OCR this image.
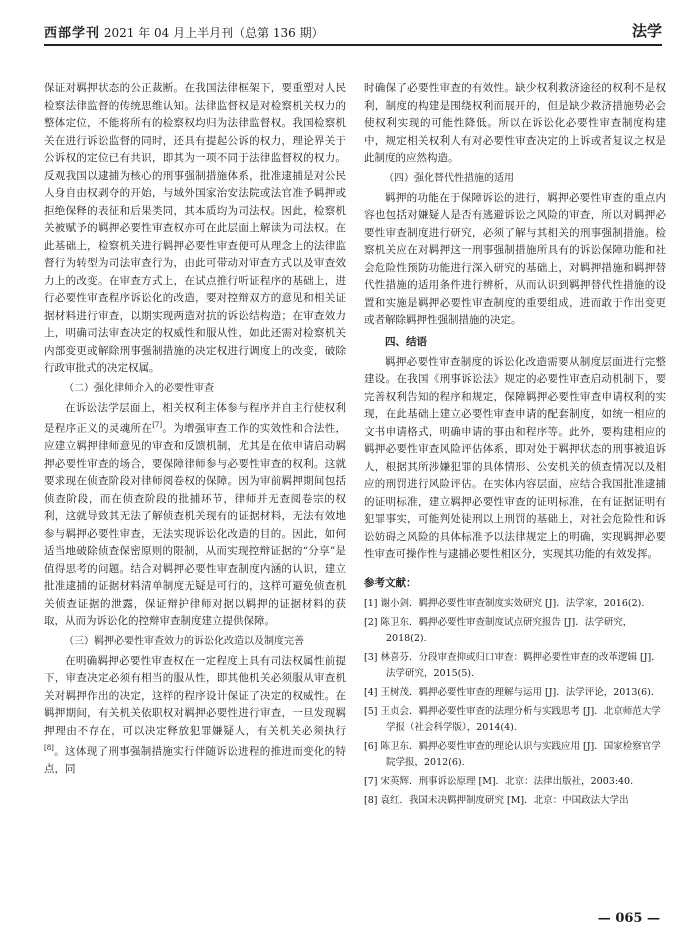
西部学刊 2021 年 04 月上半月刊（总第 136 期）	法学

保证对羁押状态的公正裁断。在我国法律框架下，要重塑对人民检察法律监督的传统思维认知。法律监督权是对检察机关权力的整体定位，不能将所有的检察权均归为法律监督权。我国检察机关在进行诉讼监督的同时，还具有提起公诉的权力，理论界关于公诉权的定位已有共识，即其为一项不同于法律监督权的权力。反观我国以逮捕为核心的刑事强制措施体系，批准逮捕是对公民人身自由权剥夺的开始，与域外国家治安法院或法官准予羁押或拒绝保释的表征和后果类同，其本质均为司法权。因此，检察机关被赋予的羁押必要性审查权亦可在此层面上解读为司法权。在此基础上，检察机关进行羁押必要性审查便可从理念上的法律监督行为转型为司法审查行为，由此可带动对审查方式以及审查效力上的改变。在审查方式上，在试点推行听证程序的基础上，进行必要性审查程序诉讼化的改造，要对控辩双方的意见和相关证据材料进行审查，以期实现两造对抗的诉讼结构造；在审查效力上，明确司法审查决定的权威性和服从性，如此还需对检察机关内部变更或解除刑事强制措施的决定权进行调度上的改变，破除行政审批式的决定权属。

（二）强化律师介入的必要性审查

在诉讼法学层面上，相关权利主体参与程序并自主行使权利是程序正义的灵魂所在[7]。为增强审查工作的实效性和合法性，应建立羁押律师意见的审查和反馈机制，尤其是在依申请启动羁押必要性审查的场合，要保障律师参与必要性审查的权利。这就要求现在侦查阶段对律师阅卷权的保障。因为审前羁押期间包括侦查阶段，而在侦查阶段的批捕环节，律师并无查阅卷宗的权利，这就导致其无法了解侦查机关现有的证据材料，无法有效地参与羁押必要性审查，无法实现诉讼化改造的目的。因此，如何适当地破除侦查保密原则的限制，从而实现控辩证据的“分享”是值得思考的问题。结合对羁押必要性审查制度内涵的认识，建立批准逮捕的证据材料清单制度无疑是可行的，这样可避免侦查机关侦查证据的泄露，保证辩护律师对据以羁押的证据材料的获取，从而为诉讼化的控辩审查制度建立提供保障。

（三）羁押必要性审查效力的诉讼化改造以及制度完善

在明确羁押必要性审查权在一定程度上具有司法权属性前提下，审查决定必须有相当的服从性，即其他机关必须服从审查机关对羁押作出的决定，这样的程序设计保证了决定的权威性。在羁押期间，有关机关依职权对羁押必要性进行审查，一旦发现羁押理由不存在，可以决定释放犯罪嫌疑人，有关机关必须执行[8]。这体现了刑事强制措施实行伴随诉讼进程的推进而变化的特点，同

时确保了必要性审查的有效性。缺少权利救济途径的权利不是权利，制度的构建是围绕权利而展开的，但是缺少救济措施势必会使权利实现的可能性降低。所以在诉讼化必要性审查制度构建中，规定相关权利人有对必要性审查决定的上诉或者复议之权是此制度的应然构造。

（四）强化替代性措施的适用

羁押的功能在于保障诉讼的进行，羁押必要性审查的重点内容也包括对嫌疑人是否有逃避诉讼之风险的审查，所以对羁押必要性审查制度进行研究，必须了解与其相关的刑事强制措施。检察机关应在对羁押这一刑事强制措施所具有的诉讼保障功能和社会危险性预防功能进行深入研究的基础上，对羁押措施和羁押替代性措施的适用条件进行辨析，从而认识到羁押替代性措施的设置和实施是羁押必要性审查制度的重要组成，进而敢于作出变更或者解除羁押性强制措施的决定。

四、结语

羁押必要性审查制度的诉讼化改造需要从制度层面进行完整建设。在我国《刑事诉讼法》规定的必要性审查启动机制下，要完善权利告知的程序和规定，保障羁押必要性审查申请权利的实现，在此基础上建立必要性审查申请的配套制度，如统一相应的文书申请格式，明确申请的事由和程序等。此外，要构建相应的羁押必要性审查风险评估体系，即对处于羁押状态的刑事被追诉人，根据其所涉嫌犯罪的具体情形、公安机关的侦查情况以及相应的刑罚进行风险评估。在实体内容层面，应结合我国批准逮捕的证明标准，建立羁押必要性审查的证明标准，在有证据证明有犯罪事实，可能判处徒刑以上刑罚的基础上，对社会危险性和诉讼妨碍之风险的具体标准予以法律规定上的明确，实现羁押必要性审查可操作性与逮捕必要性相区分，实现其功能的有效发挥。

参考文献：
[1] 谢小剑．羁押必要性审查制度实效研究 [J]．法学家，2016(2).
[2] 陈卫东．羁押必要性审查制度试点研究报告 [J]．法学研究，2018(2).
[3] 林喜芬．分段审查抑或归口审查：羁押必要性审查的改革逻辑 [J]．法学研究，2015(5).
[4] 王树茂．羁押必要性审查的理解与运用 [J]．法学评论，2013(6).
[5] 王贞会．羁押必要性审查的法理分析与实践思考 [J]．北京师范大学学报（社会科学版），2014(4).
[6] 陈卫东．羁押必要性审查的理论认识与实践应用 [J]．国家检察官学院学报，2012(6).
[7] 宋英辉．刑事诉讼原理 [M]．北京：法律出版社，2003:40.
[8] 袁红．我国未决羁押制度研究 [M]．北京：中国政法大学出
— 065 —
